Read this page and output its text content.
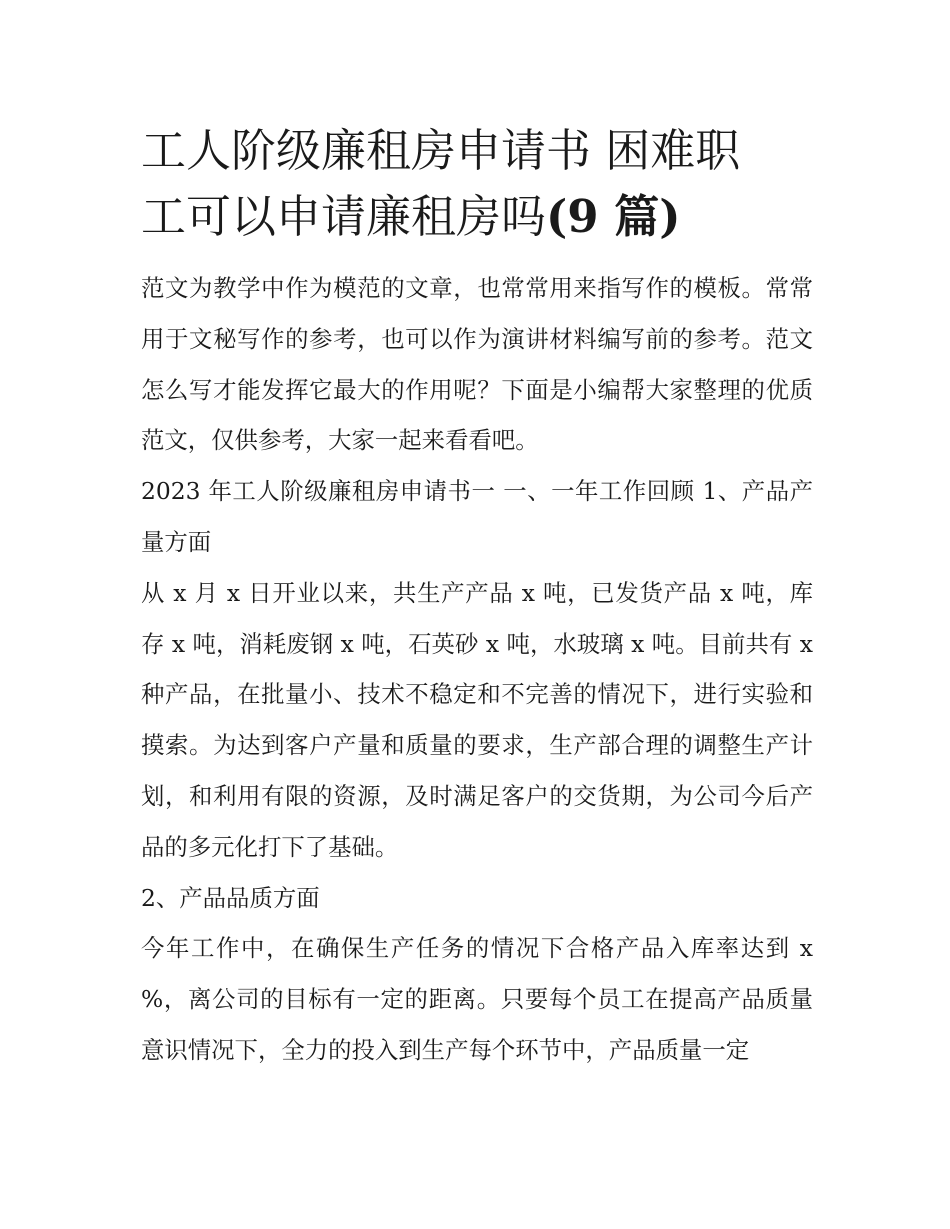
工人阶级廉租房申请书 困难职
工可以申请廉租房吗(9 篇)

范文为教学中作为模范的文章，也常常用来指写作的模板。常常用于文秘写作的参考，也可以作为演讲材料编写前的参考。范文怎么写才能发挥它最大的作用呢？下面是小编帮大家整理的优质范文，仅供参考，大家一起来看看吧。

2023 年工人阶级廉租房申请书一 一、一年工作回顾 1、产品产量方面

从 x 月 x 日开业以来，共生产产品 x 吨，已发货产品 x 吨，库存 x 吨，消耗废钢 x 吨，石英砂 x 吨，水玻璃 x 吨。目前共有 x 种产品，在批量小、技术不稳定和不完善的情况下，进行实验和摸索。为达到客户产量和质量的要求，生产部合理的调整生产计划，和利用有限的资源，及时满足客户的交货期，为公司今后产品的多元化打下了基础。

2、产品品质方面

今年工作中，在确保生产任务的情况下合格产品入库率达到 x %，离公司的目标有一定的距离。只要每个员工在提高产品质量意识情况下，全力的投入到生产每个环节中，产品质量一定
